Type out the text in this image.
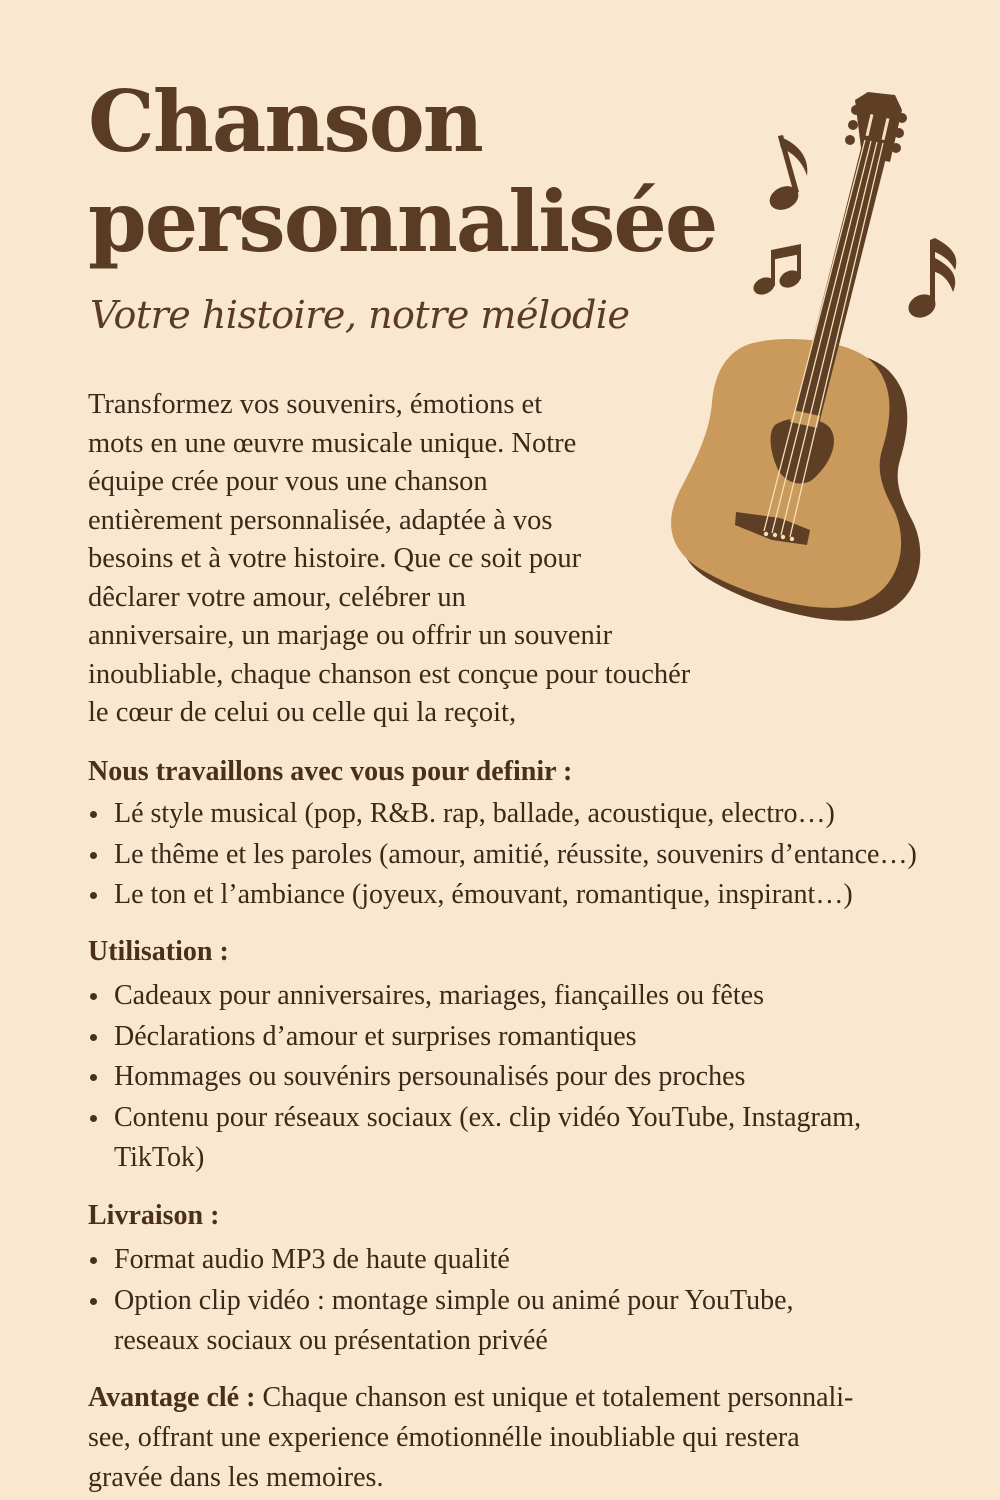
Chanson
personnalisée

Votre histoire, notre mélodie

Transformez vos souvenirs, émotions et
mots en une œuvre musicale unique. Notre
équipe crée pour vous une chanson
entièrement personnalisée, adaptée à vos
besoins et à votre histoire. Que ce soit pour
dêclarer votre amour, celébrer un
anniversaire, un marjage ou offrir un souvenir
inoubliable, chaque chanson est conçue pour touchér
le cœur de celui ou celle qui la reçoit,

Nous travaillons avec vous pour definir :
Lé style musical (pop, R&B. rap, ballade, acoustique, electro…)
Le thême et les paroles (amour, amitié, réussite, souvenirs d’entance…)
Le ton et l’ambiance (joyeux, émouvant, romantique, inspirant…)
Utilisation :
Cadeaux pour anniversaires, mariages, fiançailles ou fêtes
Déclarations d’amour et surprises romantiques
Hommages ou souvénirs persounalisés pour des proches
Contenu pour réseaux sociaux (ex. clip vidéo YouTube, Instagram,
TikTok)
Livraison :
Format audio MP3 de haute qualité
Option clip vidéo : montage simple ou animé pour YouTube,
reseaux sociaux ou présentation privéé

Avantage clé : Chaque chanson est unique et totalement personnali-
see, offrant une experience émotionnélle inoubliable qui restera
gravée dans les memoires.
